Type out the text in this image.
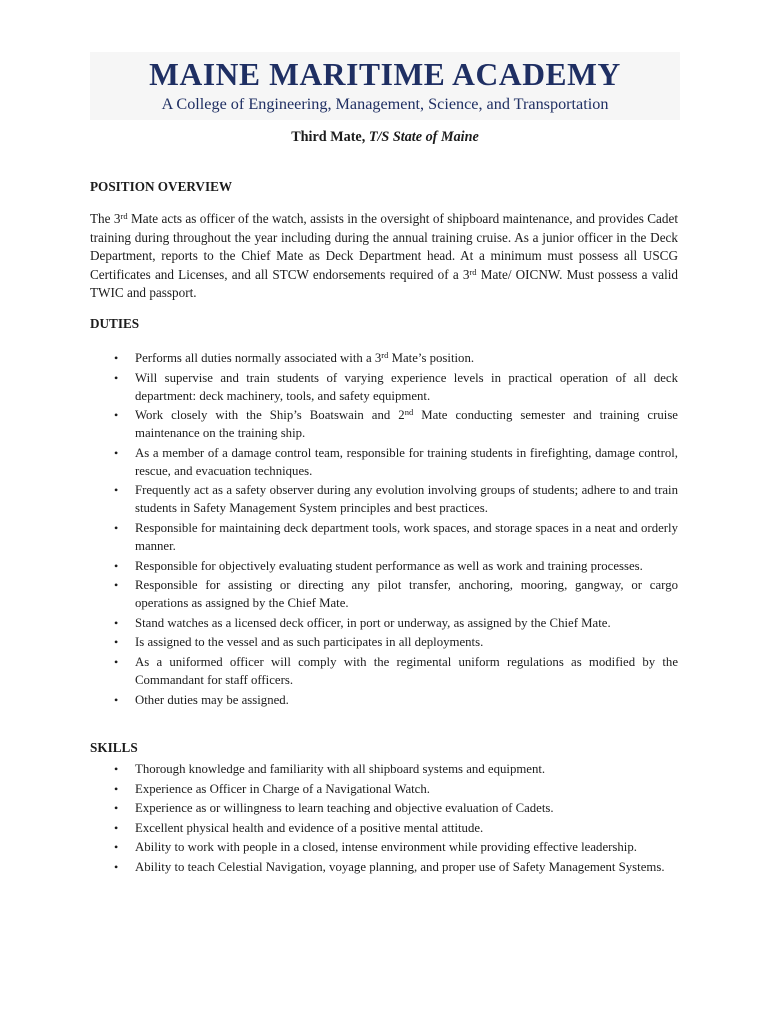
MAINE MARITIME ACADEMY
A College of Engineering, Management, Science, and Transportation
Third Mate, T/S State of Maine
POSITION OVERVIEW

The 3rd Mate acts as officer of the watch, assists in the oversight of shipboard maintenance, and provides Cadet training during throughout the year including during the annual training cruise. As a junior officer in the Deck Department, reports to the Chief Mate as Deck Department head. At a minimum must possess all USCG Certificates and Licenses, and all STCW endorsements required of a 3rd Mate/ OICNW. Must possess a valid TWIC and passport.

DUTIES
• Performs all duties normally associated with a 3rd Mate’s position.
• Will supervise and train students of varying experience levels in practical operation of all deck department: deck machinery, tools, and safety equipment.
• Work closely with the Ship’s Boatswain and 2nd Mate conducting semester and training cruise maintenance on the training ship.
• As a member of a damage control team, responsible for training students in firefighting, damage control, rescue, and evacuation techniques.
• Frequently act as a safety observer during any evolution involving groups of students; adhere to and train students in Safety Management System principles and best practices.
• Responsible for maintaining deck department tools, work spaces, and storage spaces in a neat and orderly manner.
• Responsible for objectively evaluating student performance as well as work and training processes.
• Responsible for assisting or directing any pilot transfer, anchoring, mooring, gangway, or cargo operations as assigned by the Chief Mate.
• Stand watches as a licensed deck officer, in port or underway, as assigned by the Chief Mate.
• Is assigned to the vessel and as such participates in all deployments.
• As a uniformed officer will comply with the regimental uniform regulations as modified by the Commandant for staff officers.
• Other duties may be assigned.
SKILLS
• Thorough knowledge and familiarity with all shipboard systems and equipment.
• Experience as Officer in Charge of a Navigational Watch.
• Experience as or willingness to learn teaching and objective evaluation of Cadets.
• Excellent physical health and evidence of a positive mental attitude.
• Ability to work with people in a closed, intense environment while providing effective leadership.
• Ability to teach Celestial Navigation, voyage planning, and proper use of Safety Management Systems.
